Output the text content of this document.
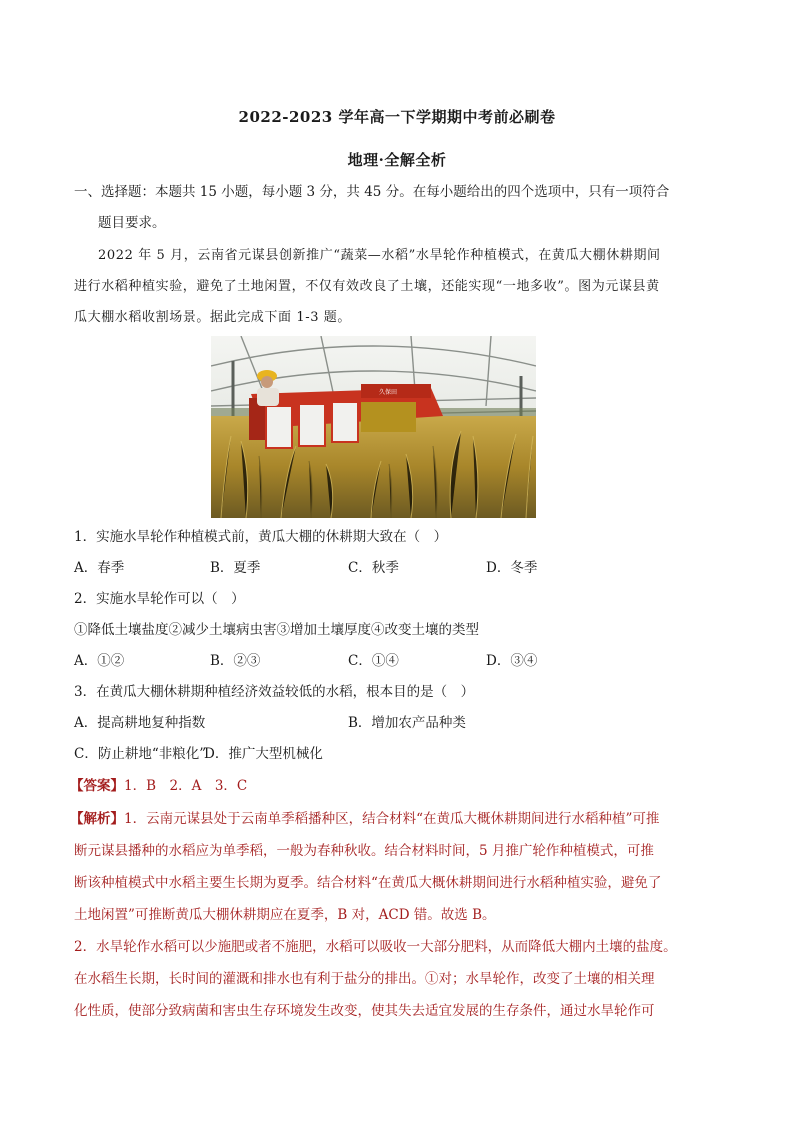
2022-2023 学年高一下学期期中考前必刷卷
地理·全解全析
一、选择题：本题共 15 小题，每小题 3 分，共 45 分。在每小题给出的四个选项中，只有一项符合
题目要求。
2022 年 5 月，云南省元谋县创新推广“蔬菜—水稻”水旱轮作种植模式，在黄瓜大棚休耕期间
进行水稻种植实验，避免了土地闲置，不仅有效改良了土壤，还能实现“一地多收”。图为元谋县黄
瓜大棚水稻收割场景。据此完成下面 1-3 题。
久保田
1．实施水旱轮作种植模式前，黄瓜大棚的休耕期大致在（　）
A．春季	B．夏季	C．秋季	D．冬季
2．实施水旱轮作可以（　）
①降低土壤盐度②减少土壤病虫害③增加土壤厚度④改变土壤的类型
A．①②	B．②③	C．①④	D．③④
3．在黄瓜大棚休耕期种植经济效益较低的水稻，根本目的是（　）
A．提高耕地复种指数	B．增加农产品种类
C．防止耕地“非粮化”
D．推广大型机械化
【答案】1．B　2．A　3．C
【解析】1．云南元谋县处于云南单季稻播种区，结合材料“在黄瓜大概休耕期间进行水稻种植”可推
断元谋县播种的水稻应为单季稻，一般为春种秋收。结合材料时间，5 月推广轮作种植模式，可推
断该种植模式中水稻主要生长期为夏季。结合材料“在黄瓜大概休耕期间进行水稻种植实验，避免了
土地闲置”可推断黄瓜大棚休耕期应在夏季，B 对，ACD 错。故选 B。
2．水旱轮作水稻可以少施肥或者不施肥，水稻可以吸收一大部分肥料，从而降低大棚内土壤的盐度。
在水稻生长期，长时间的灌溉和排水也有利于盐分的排出。①对；水旱轮作，改变了土壤的相关理
化性质，使部分致病菌和害虫生存环境发生改变，使其失去适宜发展的生存条件，通过水旱轮作可
